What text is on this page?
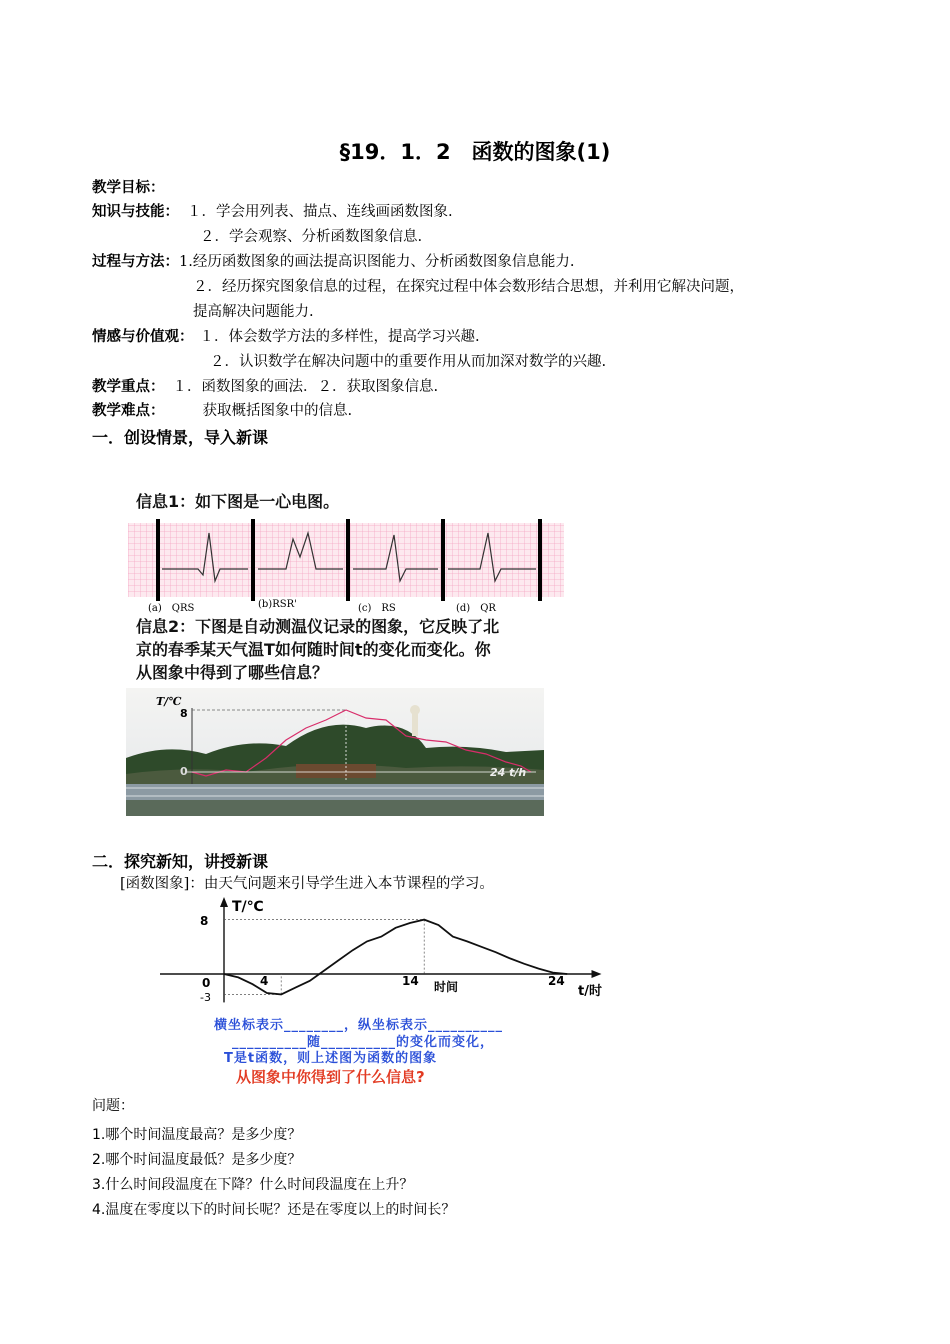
§19．1．2　函数的图象(1)
教学目标：
知识与技能： １．学会用列表、描点、连线画函数图象.
２．学会观察、分析函数图象信息.
过程与方法：1.经历函数图象的画法提高识图能力、分析函数图象信息能力.
２．经历探究图象信息的过程，在探究过程中体会数形结合思想，并利用它解决问题，
提高解决问题能力.
情感与价值观： １．体会数学方法的多样性，提高学习兴趣.
２．认识数学在解决问题中的重要作用从而加深对数学的兴趣.
教学重点： １．函数图象的画法．２．获取图象信息.
教学难点：	获取概括图象中的信息.
一．创设情景，导入新课
信息1：如下图是一心电图。
(a)　QRS	(b)RSR'	(c)　RS	(d)　QR
信息2：下图是自动测温仪记录的图象，它反映了北
京的春季某天气温T如何随时间t的变化而变化。你
从图象中得到了哪些信息？
T/℃
8
0	24 t/h
二．探究新知，讲授新课
[函数图象]：由天气问题来引导学生进入本节课程的学习。
T/℃
8
0
-3
4	14	24
时间	t/时
横坐标表示________，纵坐标表示__________
__________随__________的变化而变化，
T是t函数，则上述图为函数的图象
从图象中你得到了什么信息?
问题：
1.哪个时间温度最高？是多少度？
2.哪个时间温度最低？是多少度？
3.什么时间段温度在下降？什么时间段温度在上升？
4.温度在零度以下的时间长呢？还是在零度以上的时间长？
